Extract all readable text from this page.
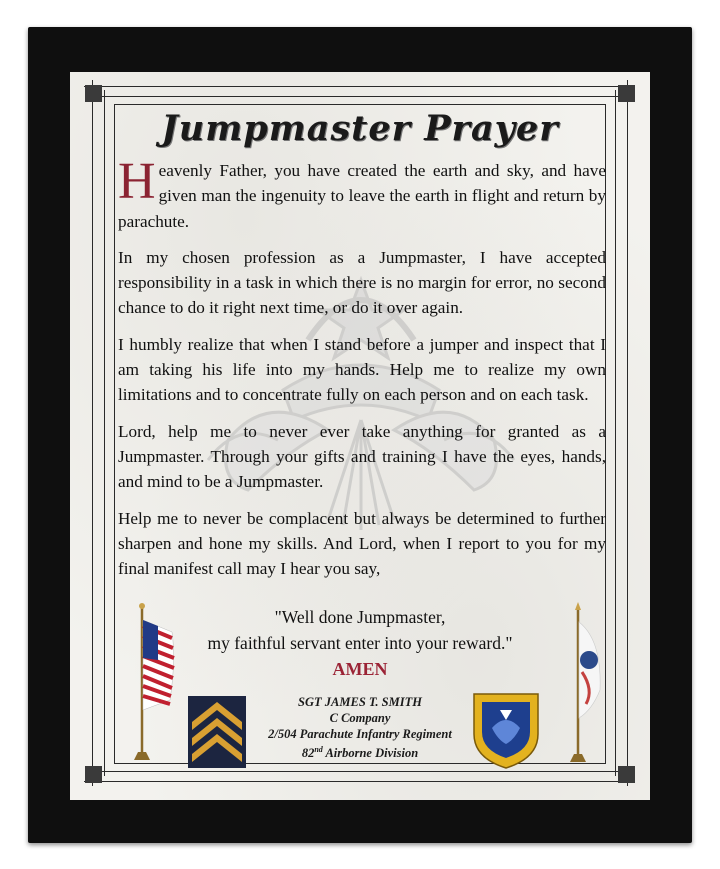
Jumpmaster Prayer

Heavenly Father, you have created the earth and sky, and have given man the ingenuity to leave the earth in flight and return by parachute.

In my chosen profession as a Jumpmaster, I have accepted responsibility in a task in which there is no margin for error, no second chance to do it right next time, or do it over again.

I humbly realize that when I stand before a jumper and inspect that I am taking his life into my hands. Help me to realize my own limitations and to concentrate fully on each person and on each task.

Lord, help me to never ever take anything for granted as a Jumpmaster. Through your gifts and training I have the eyes, hands, and mind to be a Jumpmaster.

Help me to never be complacent but always be determined to further sharpen and hone my skills. And Lord, when I report to you for my final manifest call may I hear you say,

"Well done Jumpmaster,
my faithful servant enter into your reward."
AMEN
SGT JAMES T. SMITH
C Company
2/504 Parachute Infantry Regiment
82nd Airborne Division
